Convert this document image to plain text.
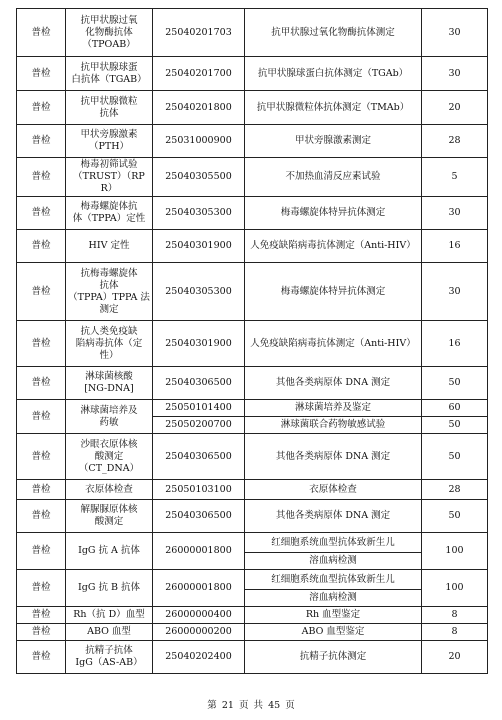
普检	抗甲状腺过氧
化物酶抗体
（TPOAB）	25040201703	抗甲状腺过氧化物酶抗体测定	30
普检	抗甲状腺球蛋
白抗体（TGAB）	25040201700	抗甲状腺球蛋白抗体测定（TGAb）	30
普检	抗甲状腺微粒
抗体	25040201800	抗甲状腺微粒体抗体测定（TMAb）	20
普检	甲状旁腺激素
（PTH）	25031000900	甲状旁腺激素测定	28
普检	梅毒初筛试验
（TRUST）（RPR）	25040305500	不加热血清反应素试验	5
普检	梅毒螺旋体抗
体（TPPA）定性	25040305300	梅毒螺旋体特异抗体测定	30
普检	HIV 定性	25040301900	人免疫缺陷病毒抗体测定（Anti-HIV）	16
普检	抗梅毒螺旋体
抗体
（TPPA）TPPA 法
测定	25040305300	梅毒螺旋体特异抗体测定	30
普检	抗人类免疫缺
陷病毒抗体（定
性）	25040301900	人免疫缺陷病毒抗体测定（Anti-HIV）	16
普检	淋球菌核酸
[NG-DNA]	25040306500	其他各类病原体 DNA 测定	50
普检	淋球菌培养及
药敏	25050101400	淋球菌培养及鉴定	60
		25050200700	淋球菌联合药物敏感试验	50
普检	沙眼衣原体核
酸测定
（CT_DNA）	25040306500	其他各类病原体 DNA 测定	50
普检	衣原体检查	25050103100	衣原体检查	28
普检	解脲脲原体核
酸测定	25040306500	其他各类病原体 DNA 测定	50
普检	IgG 抗 A 抗体	26000001800	红细胞系统血型抗体致新生儿	100
			溶血病检测	
普检	IgG 抗 B 抗体	26000001800	红细胞系统血型抗体致新生儿	100
			溶血病检测	
普检	Rh（抗 D）血型	26000000400	Rh 血型鉴定	8
普检	ABO 血型	26000000200	ABO 血型鉴定	8
普检	抗精子抗体
IgG（AS-AB）	25040202400	抗精子抗体测定	20
第 21 页 共 45 页
